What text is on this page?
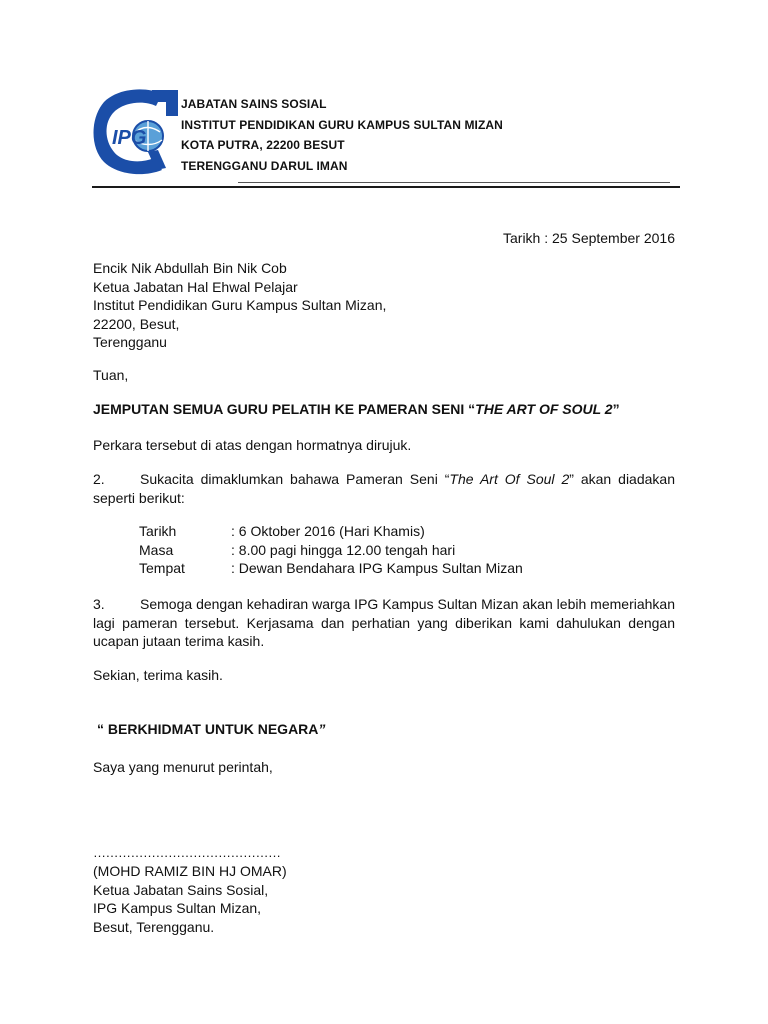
IPG
JABATAN SAINS SOSIAL
INSTITUT PENDIDIKAN GURU KAMPUS SULTAN MIZAN
KOTA PUTRA, 22200 BESUT
TERENGGANU DARUL IMAN
Tarikh : 25 September 2016
Encik Nik Abdullah Bin Nik Cob
Ketua Jabatan Hal Ehwal Pelajar
Institut Pendidikan Guru Kampus Sultan Mizan,
22200, Besut,
Terengganu
Tuan,
JEMPUTAN SEMUA GURU PELATIH KE PAMERAN SENI “THE ART OF SOUL 2”
Perkara tersebut di atas dengan hormatnya dirujuk.
2.	Sukacita dimaklumkan bahawa Pameran Seni “The Art Of Soul 2” akan diadakan seperti berikut:
Tarikh	: 6 Oktober 2016 (Hari Khamis)
Masa	: 8.00 pagi hingga 12.00 tengah hari
Tempat	: Dewan Bendahara IPG Kampus Sultan Mizan
3.	Semoga dengan kehadiran warga IPG Kampus Sultan Mizan akan lebih memeriahkan lagi pameran tersebut. Kerjasama dan perhatian yang diberikan kami dahulukan dengan ucapan jutaan terima kasih.
Sekian, terima kasih.
“ BERKHIDMAT UNTUK NEGARA”
Saya yang menurut perintah,
………………………………………
(MOHD RAMIZ BIN HJ OMAR)
Ketua Jabatan Sains Sosial,
IPG Kampus Sultan Mizan,
Besut, Terengganu.
